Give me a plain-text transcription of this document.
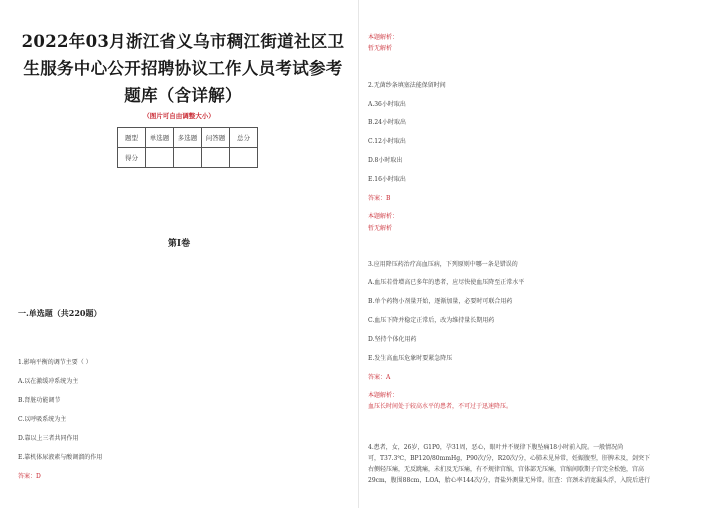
2022年03月浙江省义乌市稠江街道社区卫生服务中心公开招聘协议工作人员考试参考题库（含详解）
（图片可自由调整大小）
题型	单选题	多选题	问答题	总分
得分				
第I卷
一.单选题（共220题）
1.影响平衡的调节主要（ ）
A.以在激缓冲系统为主
B.肾脏功能调节
C.以呼吸系统为主
D.靠以上三者共同作用
E.靠机体尿液素与酸调溜的作用
答案：D
本题解析：
暂无解析
2.无菌纱条填塞法能保留时间
A.36小时取出
B.24小时取出
C.12小时取出
D.8小时取出
E.16小时取出
答案：B
本题解析：
暂无解析
3.应用降压药治疗高血压病，下列原则中哪一条是错误的
A.血压若骨增高已多年的患者，应尽快使血压降至正常水平
B.单个药物小剂量开始，逐渐加量，必要时可联合用药
C.血压下降并稳定正常后，改为维持量长期用药
D.坚持个体化用药
E.发生高血压危象时要紧急降压
答案：A
本题解析：
血压长时间处于较高水平的患者，不可过于迅速降压。
4.患者，女，26岁，G1P0，孕31周，恶心，眼叶并不规律下腹坠痛18小时前入院。一般情况尚
可，T37.3℃，BP120/80mmHg，P90次/分，R20次/分，心肺未见异常，妊娠腹型，肝脾未及，剑突下
右侧轻压痛，无反跳痛，未扪及无压痛，有不规律宫缩，宫体部无压痛，宫缩间歇期子宫完全松弛，宫高
29cm，腹围88cm，LOA，胎心率144次/分，肾盐外测量无异常。肛查：宫颈未消宽漏头浮，入院后进行
